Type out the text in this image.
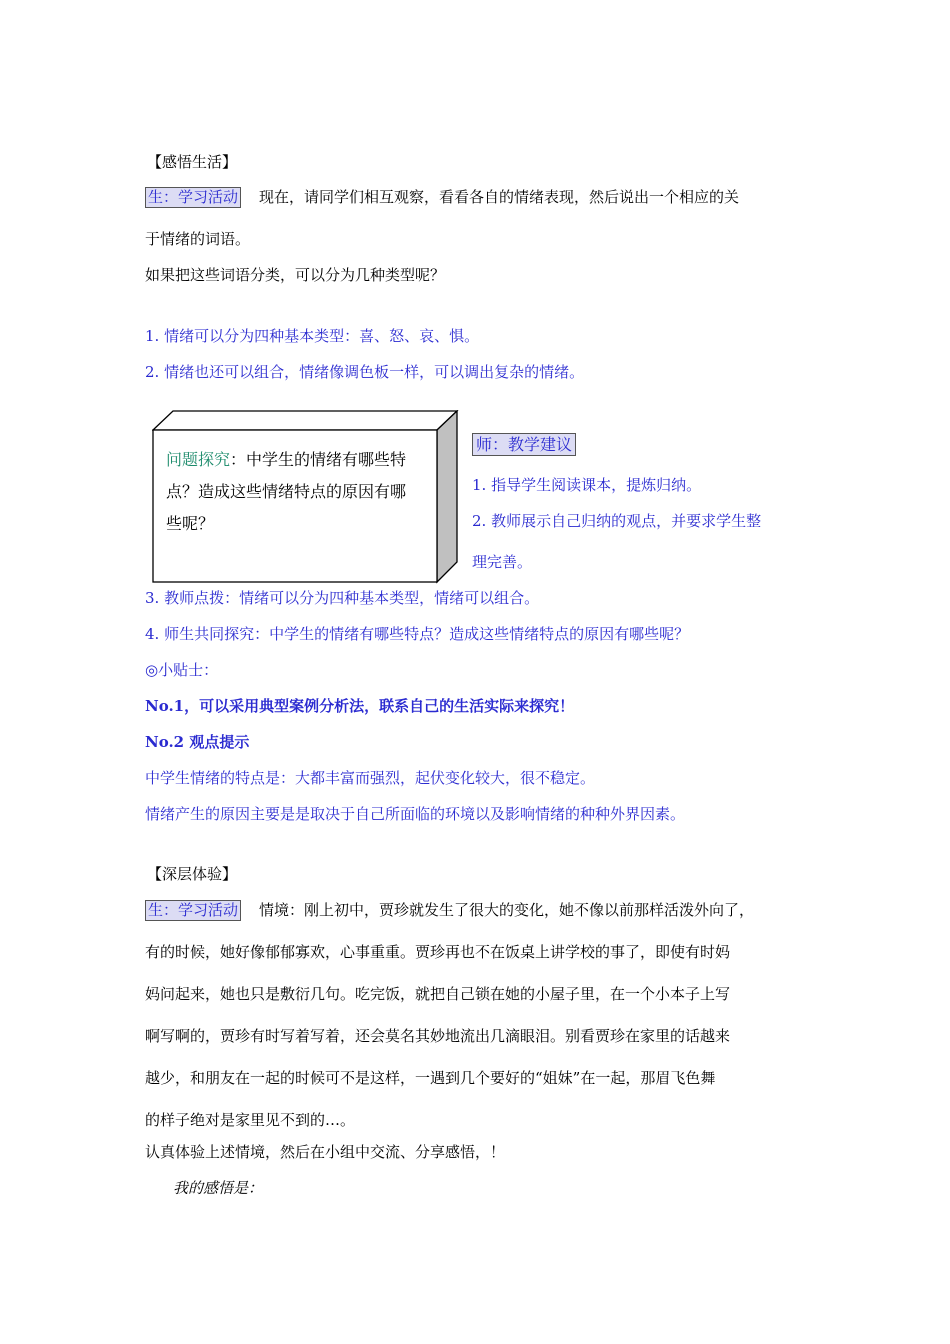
【感悟生活】
生：学习活动 现在，请同学们相互观察，看看各自的情绪表现，然后说出一个相应的关
于情绪的词语。
如果把这些词语分类，可以分为几种类型呢？
1. 情绪可以分为四种基本类型：喜、怒、哀、惧。
2. 情绪也还可以组合，情绪像调色板一样，可以调出复杂的情绪。
问题探究：中学生的情绪有哪些特
点？造成这些情绪特点的原因有哪
些呢？
师：教学建议
1. 指导学生阅读课本，提炼归纳。
2. 教师展示自己归纳的观点，并要求学生整
理完善。
3. 教师点拨：情绪可以分为四种基本类型，情绪可以组合。
4. 师生共同探究：中学生的情绪有哪些特点？造成这些情绪特点的原因有哪些呢？
◎小贴士：
No.1，可以采用典型案例分析法，联系自己的生活实际来探究！
No.2 观点提示
中学生情绪的特点是：大都丰富而强烈，起伏变化较大，很不稳定。
情绪产生的原因主要是是取决于自己所面临的环境以及影响情绪的种种外界因素。
【深层体验】
生：学习活动 情境：刚上初中，贾珍就发生了很大的变化，她不像以前那样活泼外向了，
有的时候，她好像郁郁寡欢，心事重重。贾珍再也不在饭桌上讲学校的事了，即使有时妈
妈问起来，她也只是敷衍几句。吃完饭，就把自己锁在她的小屋子里，在一个小本子上写
啊写啊的，贾珍有时写着写着，还会莫名其妙地流出几滴眼泪。别看贾珍在家里的话越来
越少，和朋友在一起的时候可不是这样，一遇到几个要好的“姐妹”在一起，那眉飞色舞
的样子绝对是家里见不到的…。
认真体验上述情境，然后在小组中交流、分享感悟，！
我的感悟是：
